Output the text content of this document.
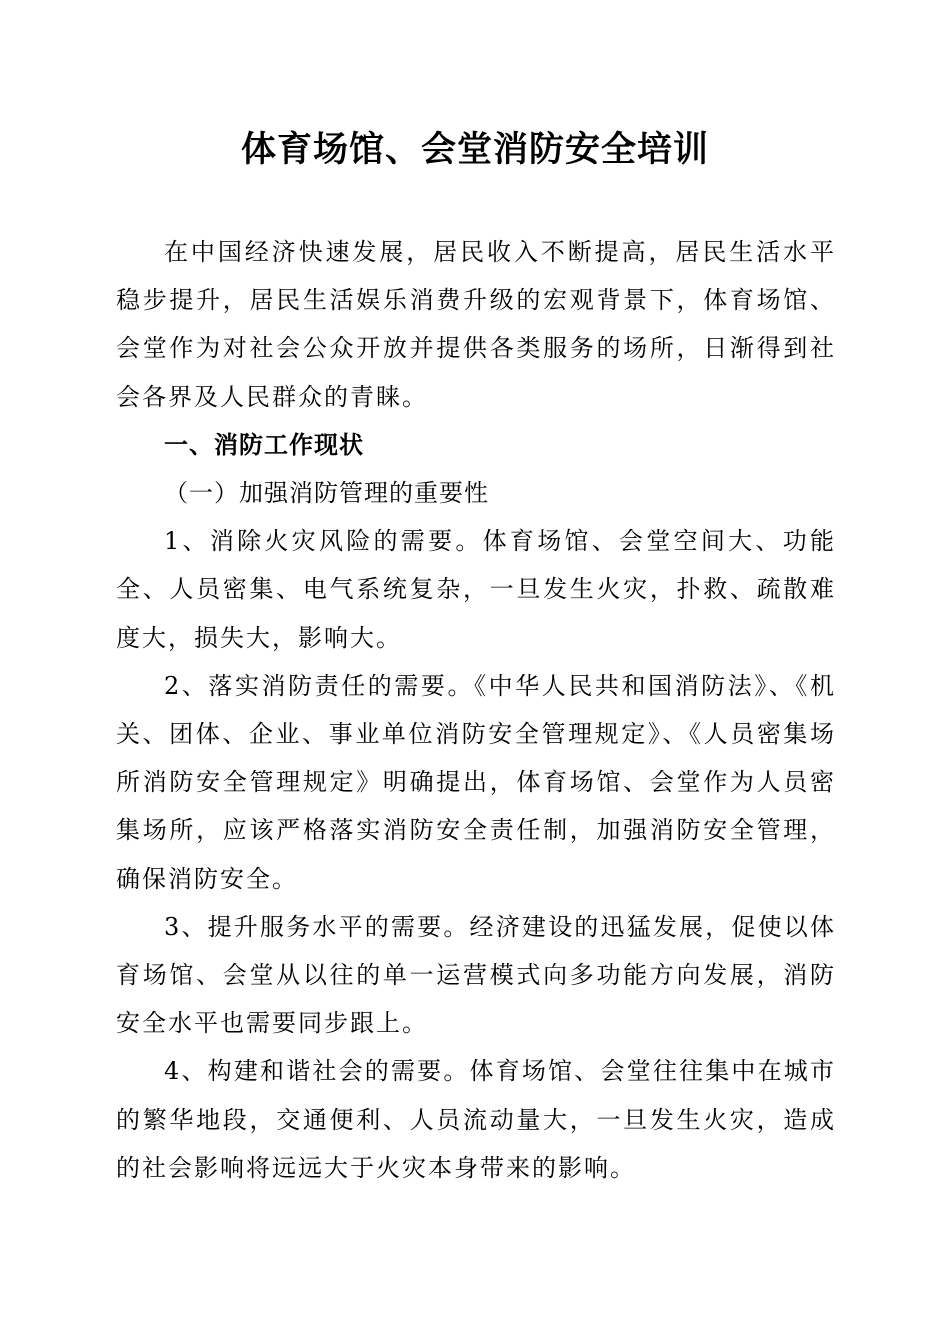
体育场馆、会堂消防安全培训

在中国经济快速发展，居民收入不断提高，居民生活水平稳步提升，居民生活娱乐消费升级的宏观背景下，体育场馆、会堂作为对社会公众开放并提供各类服务的场所，日渐得到社会各界及人民群众的青睐。

一、消防工作现状

（一）加强消防管理的重要性

1、消除火灾风险的需要。体育场馆、会堂空间大、功能全、人员密集、电气系统复杂，一旦发生火灾，扑救、疏散难度大，损失大，影响大。

2、落实消防责任的需要。《中华人民共和国消防法》、《机关、团体、企业、事业单位消防安全管理规定》、《人员密集场所消防安全管理规定》明确提出，体育场馆、会堂作为人员密集场所，应该严格落实消防安全责任制，加强消防安全管理，确保消防安全。

3、提升服务水平的需要。经济建设的迅猛发展，促使以体育场馆、会堂从以往的单一运营模式向多功能方向发展，消防安全水平也需要同步跟上。

4、构建和谐社会的需要。体育场馆、会堂往往集中在城市的繁华地段，交通便利、人员流动量大，一旦发生火灾，造成的社会影响将远远大于火灾本身带来的影响。
